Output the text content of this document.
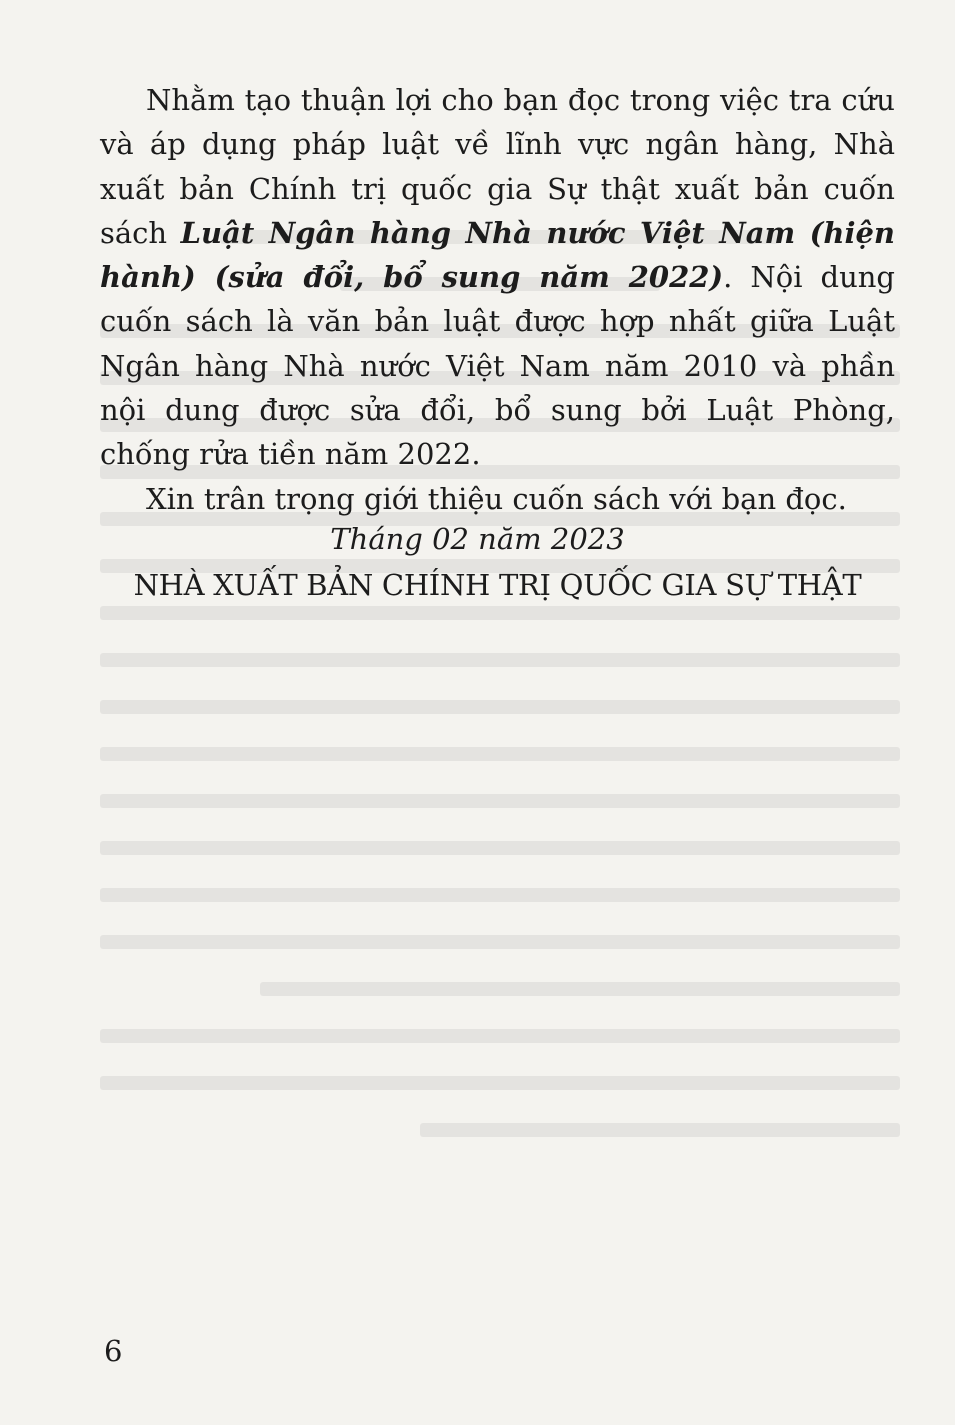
Nhằm tạo thuận lợi cho bạn đọc trong việc tra cứu và áp dụng pháp luật về lĩnh vực ngân hàng, Nhà xuất bản Chính trị quốc gia Sự thật xuất bản cuốn sách Luật Ngân hàng Nhà nước Việt Nam (hiện hành) (sửa đổi, bổ sung năm 2022). Nội dung cuốn sách là văn bản luật được hợp nhất giữa Luật Ngân hàng Nhà nước Việt Nam năm 2010 và phần nội dung được sửa đổi, bổ sung bởi Luật Phòng, chống rửa tiền năm 2022.

Xin trân trọng giới thiệu cuốn sách với bạn đọc.

Tháng 02 năm 2023
NHÀ XUẤT BẢN CHÍNH TRỊ QUỐC GIA SỰ THẬT
6
